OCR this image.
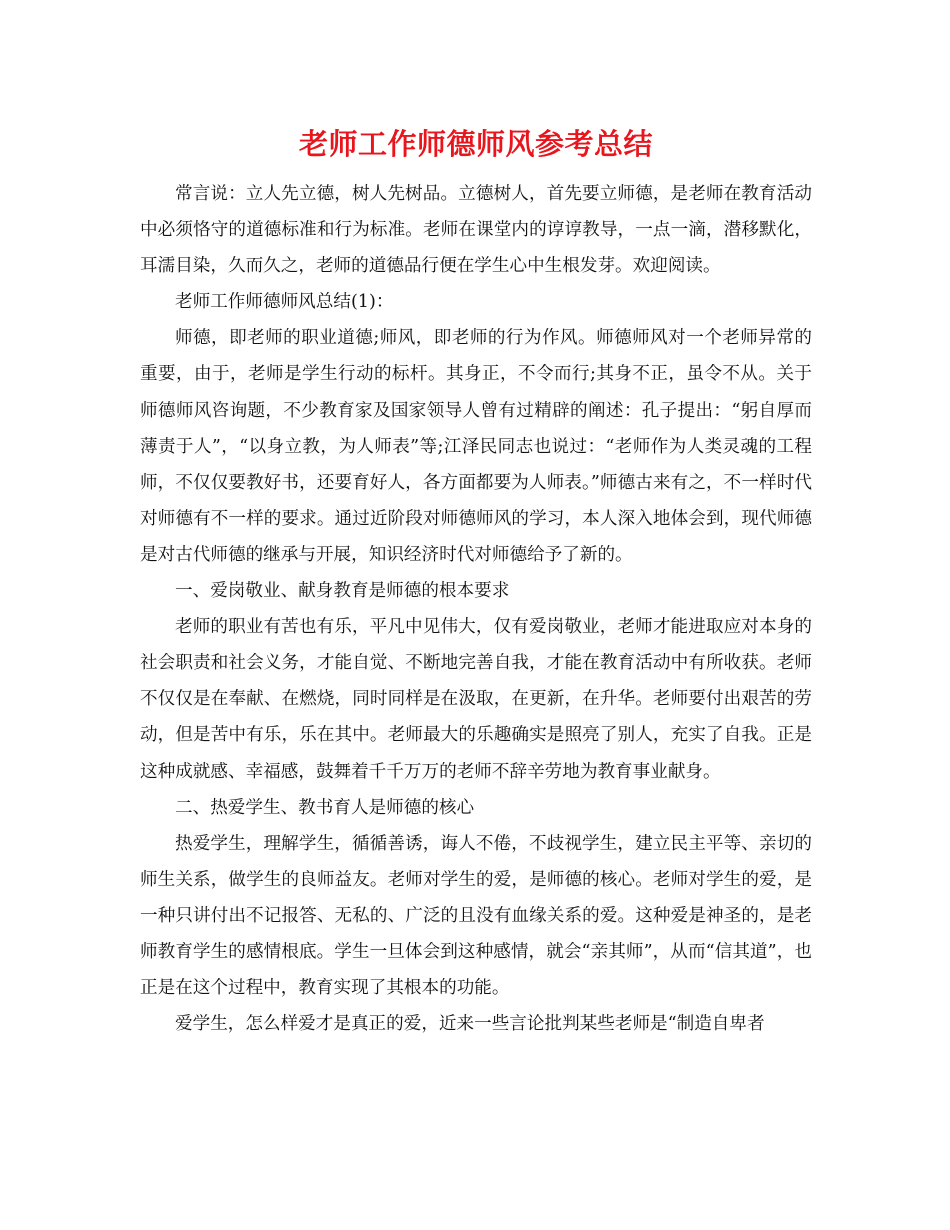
老师工作师德师风参考总结

常言说：立人先立德，树人先树品。立德树人，首先要立师德，是老师在教育活动中必须恪守的道德标准和行为标准。老师在课堂内的谆谆教导，一点一滴，潜移默化，耳濡目染，久而久之，老师的道德品行便在学生心中生根发芽。欢迎阅读。

老师工作师德师风总结(1)：

师德，即老师的职业道德;师风，即老师的行为作风。师德师风对一个老师异常的重要，由于，老师是学生行动的标杆。其身正，不令而行;其身不正，虽令不从。关于师德师风咨询题，不少教育家及国家领导人曾有过精辟的阐述：孔子提出：“躬自厚而薄责于人”，“以身立教，为人师表”等;江泽民同志也说过：“老师作为人类灵魂的工程师，不仅仅要教好书，还要育好人，各方面都要为人师表。”师德古来有之，不一样时代对师德有不一样的要求。通过近阶段对师德师风的学习，本人深入地体会到，现代师德是对古代师德的继承与开展，知识经济时代对师德给予了新的。

一、爱岗敬业、献身教育是师德的根本要求

老师的职业有苦也有乐，平凡中见伟大，仅有爱岗敬业，老师才能进取应对本身的社会职责和社会义务，才能自觉、不断地完善自我，才能在教育活动中有所收获。老师不仅仅是在奉献、在燃烧，同时同样是在汲取，在更新，在升华。老师要付出艰苦的劳动，但是苦中有乐，乐在其中。老师最大的乐趣确实是照亮了别人，充实了自我。正是这种成就感、幸福感，鼓舞着千千万万的老师不辞辛劳地为教育事业献身。

二、热爱学生、教书育人是师德的核心

热爱学生，理解学生，循循善诱，诲人不倦，不歧视学生，建立民主平等、亲切的师生关系，做学生的良师益友。老师对学生的爱，是师德的核心。老师对学生的爱，是一种只讲付出不记报答、无私的、广泛的且没有血缘关系的爱。这种爱是神圣的，是老师教育学生的感情根底。学生一旦体会到这种感情，就会“亲其师”，从而“信其道”，也正是在这个过程中，教育实现了其根本的功能。

爱学生，怎么样爱才是真正的爱，近来一些言论批判某些老师是“制造自卑者
